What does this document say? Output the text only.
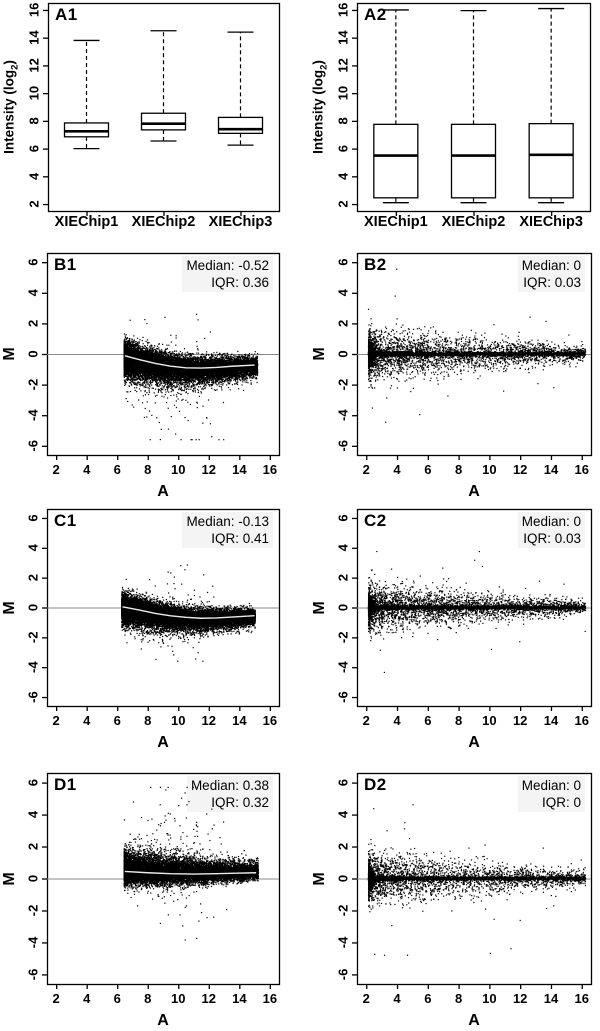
A1
Intensity $(\log_2)$
XIEChip1 XIEChip2 XIEChip3
A2
Intensity $(\log_2)$
XIEChip1 XIEChip2 XIEChip3
B1	Median: -0.52
IQR: 0.36
M
A
B2	Median: 0
IQR: 0.03
M
A
C1	Median: -0.13
IQR: 0.41
M
A
C2	Median: 0
IQR: 0.03
M
A
D1	Median: 0.38
IQR: 0.32
M
A
D2	Median: 0
IQR: 0
M
A
